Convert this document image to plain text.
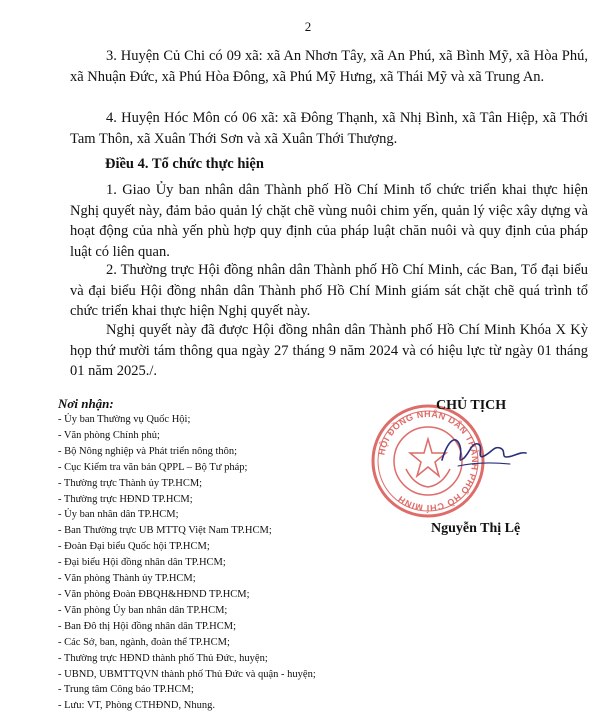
2

3. Huyện Củ Chi có 09 xã: xã An Nhơn Tây, xã An Phú, xã Bình Mỹ, xã Hòa Phú, xã Nhuận Đức, xã Phú Hòa Đông, xã Phú Mỹ Hưng, xã Thái Mỹ và xã Trung An.

4. Huyện Hóc Môn có 06 xã: xã Đông Thạnh, xã Nhị Bình, xã Tân Hiệp, xã Thới Tam Thôn, xã Xuân Thới Sơn và xã Xuân Thới Thượng.

Điều 4. Tổ chức thực hiện

1. Giao Ủy ban nhân dân Thành phố Hồ Chí Minh tổ chức triển khai thực hiện Nghị quyết này, đảm bảo quản lý chặt chẽ vùng nuôi chim yến, quản lý việc xây dựng và hoạt động của nhà yến phù hợp quy định của pháp luật chăn nuôi và quy định của pháp luật có liên quan.

2. Thường trực Hội đồng nhân dân Thành phố Hồ Chí Minh, các Ban, Tổ đại biểu và đại biểu Hội đồng nhân dân Thành phố Hồ Chí Minh giám sát chặt chẽ quá trình tổ chức triển khai thực hiện Nghị quyết này.

Nghị quyết này đã được Hội đồng nhân dân Thành phố Hồ Chí Minh Khóa X Kỳ họp thứ mười tám thông qua ngày 27 tháng 9 năm 2024 và có hiệu lực từ ngày 01 tháng 01 năm 2025./.

Nơi nhận:
- Ủy ban Thường vụ Quốc Hội;
- Văn phòng Chính phủ;
- Bộ Nông nghiệp và Phát triển nông thôn;
- Cục Kiểm tra văn bản QPPL – Bộ Tư pháp;
- Thường trực Thành ủy TP.HCM;
- Thường trực HĐND TP.HCM;
- Ủy ban nhân dân TP.HCM;
- Ban Thường trực UB MTTQ Việt Nam TP.HCM;
- Đoàn Đại biểu Quốc hội TP.HCM;
- Đại biểu Hội đồng nhân dân TP.HCM;
- Văn phòng Thành ủy TP.HCM;
- Văn phòng Đoàn ĐBQH&HĐND TP.HCM;
- Văn phòng Ủy ban nhân dân TP.HCM;
- Ban Đô thị Hội đồng nhân dân TP.HCM;
- Các Sở, ban, ngành, đoàn thể TP.HCM;
- Thường trực HĐND thành phố Thủ Đức, huyện;
- UBND, UBMTTQVN thành phố Thủ Đức và quận - huyện;
- Trung tâm Công báo TP.HCM;
- Lưu: VT, Phòng CTHĐND, Nhung.
HỘI ĐỒNG NHÂN DÂN THÀNH PHỐ HỒ CHÍ MINH
CHỦ TỊCH
Nguyễn Thị Lệ
